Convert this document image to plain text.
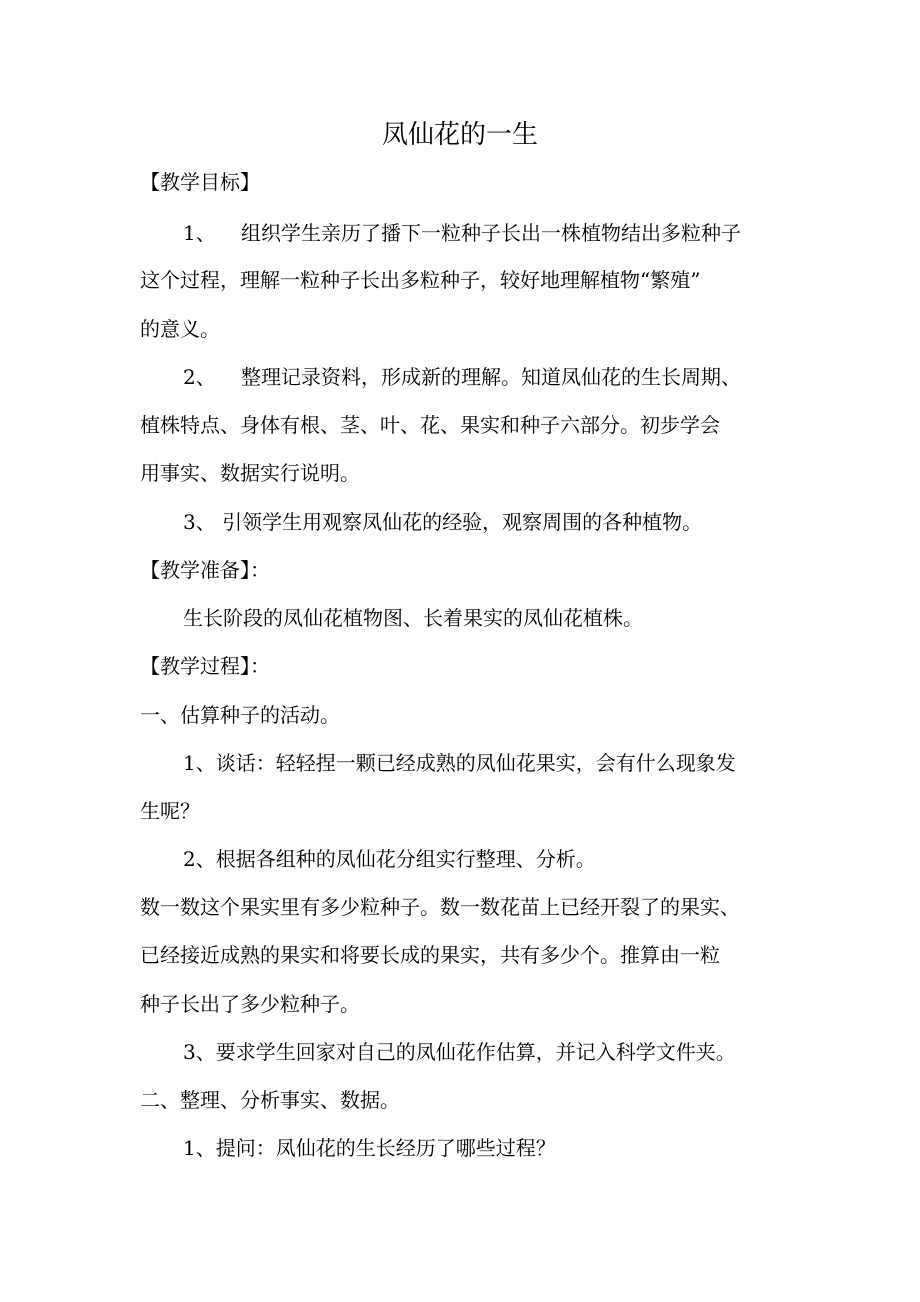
凤仙花的一生
【教学目标】
1、 组织学生亲历了播下一粒种子长出一株植物结出多粒种子
这个过程，理解一粒种子长出多粒种子，较好地理解植物“繁殖”
的意义。
2、 整理记录资料，形成新的理解。知道凤仙花的生长周期、
植株特点、身体有根、茎、叶、花、果实和种子六部分。初步学会
用事实、数据实行说明。
3、 引领学生用观察凤仙花的经验，观察周围的各种植物。
【教学准备】：
生长阶段的凤仙花植物图、长着果实的凤仙花植株。
【教学过程】：
一、估算种子的活动。
1、谈话：轻轻捏一颗已经成熟的凤仙花果实，会有什么现象发
生呢？
2、根据各组种的凤仙花分组实行整理、分析。
数一数这个果实里有多少粒种子。数一数花苗上已经开裂了的果实、
已经接近成熟的果实和将要长成的果实，共有多少个。推算由一粒
种子长出了多少粒种子。
3、要求学生回家对自己的凤仙花作估算，并记入科学文件夹。
二、整理、分析事实、数据。
1、提问：凤仙花的生长经历了哪些过程？
